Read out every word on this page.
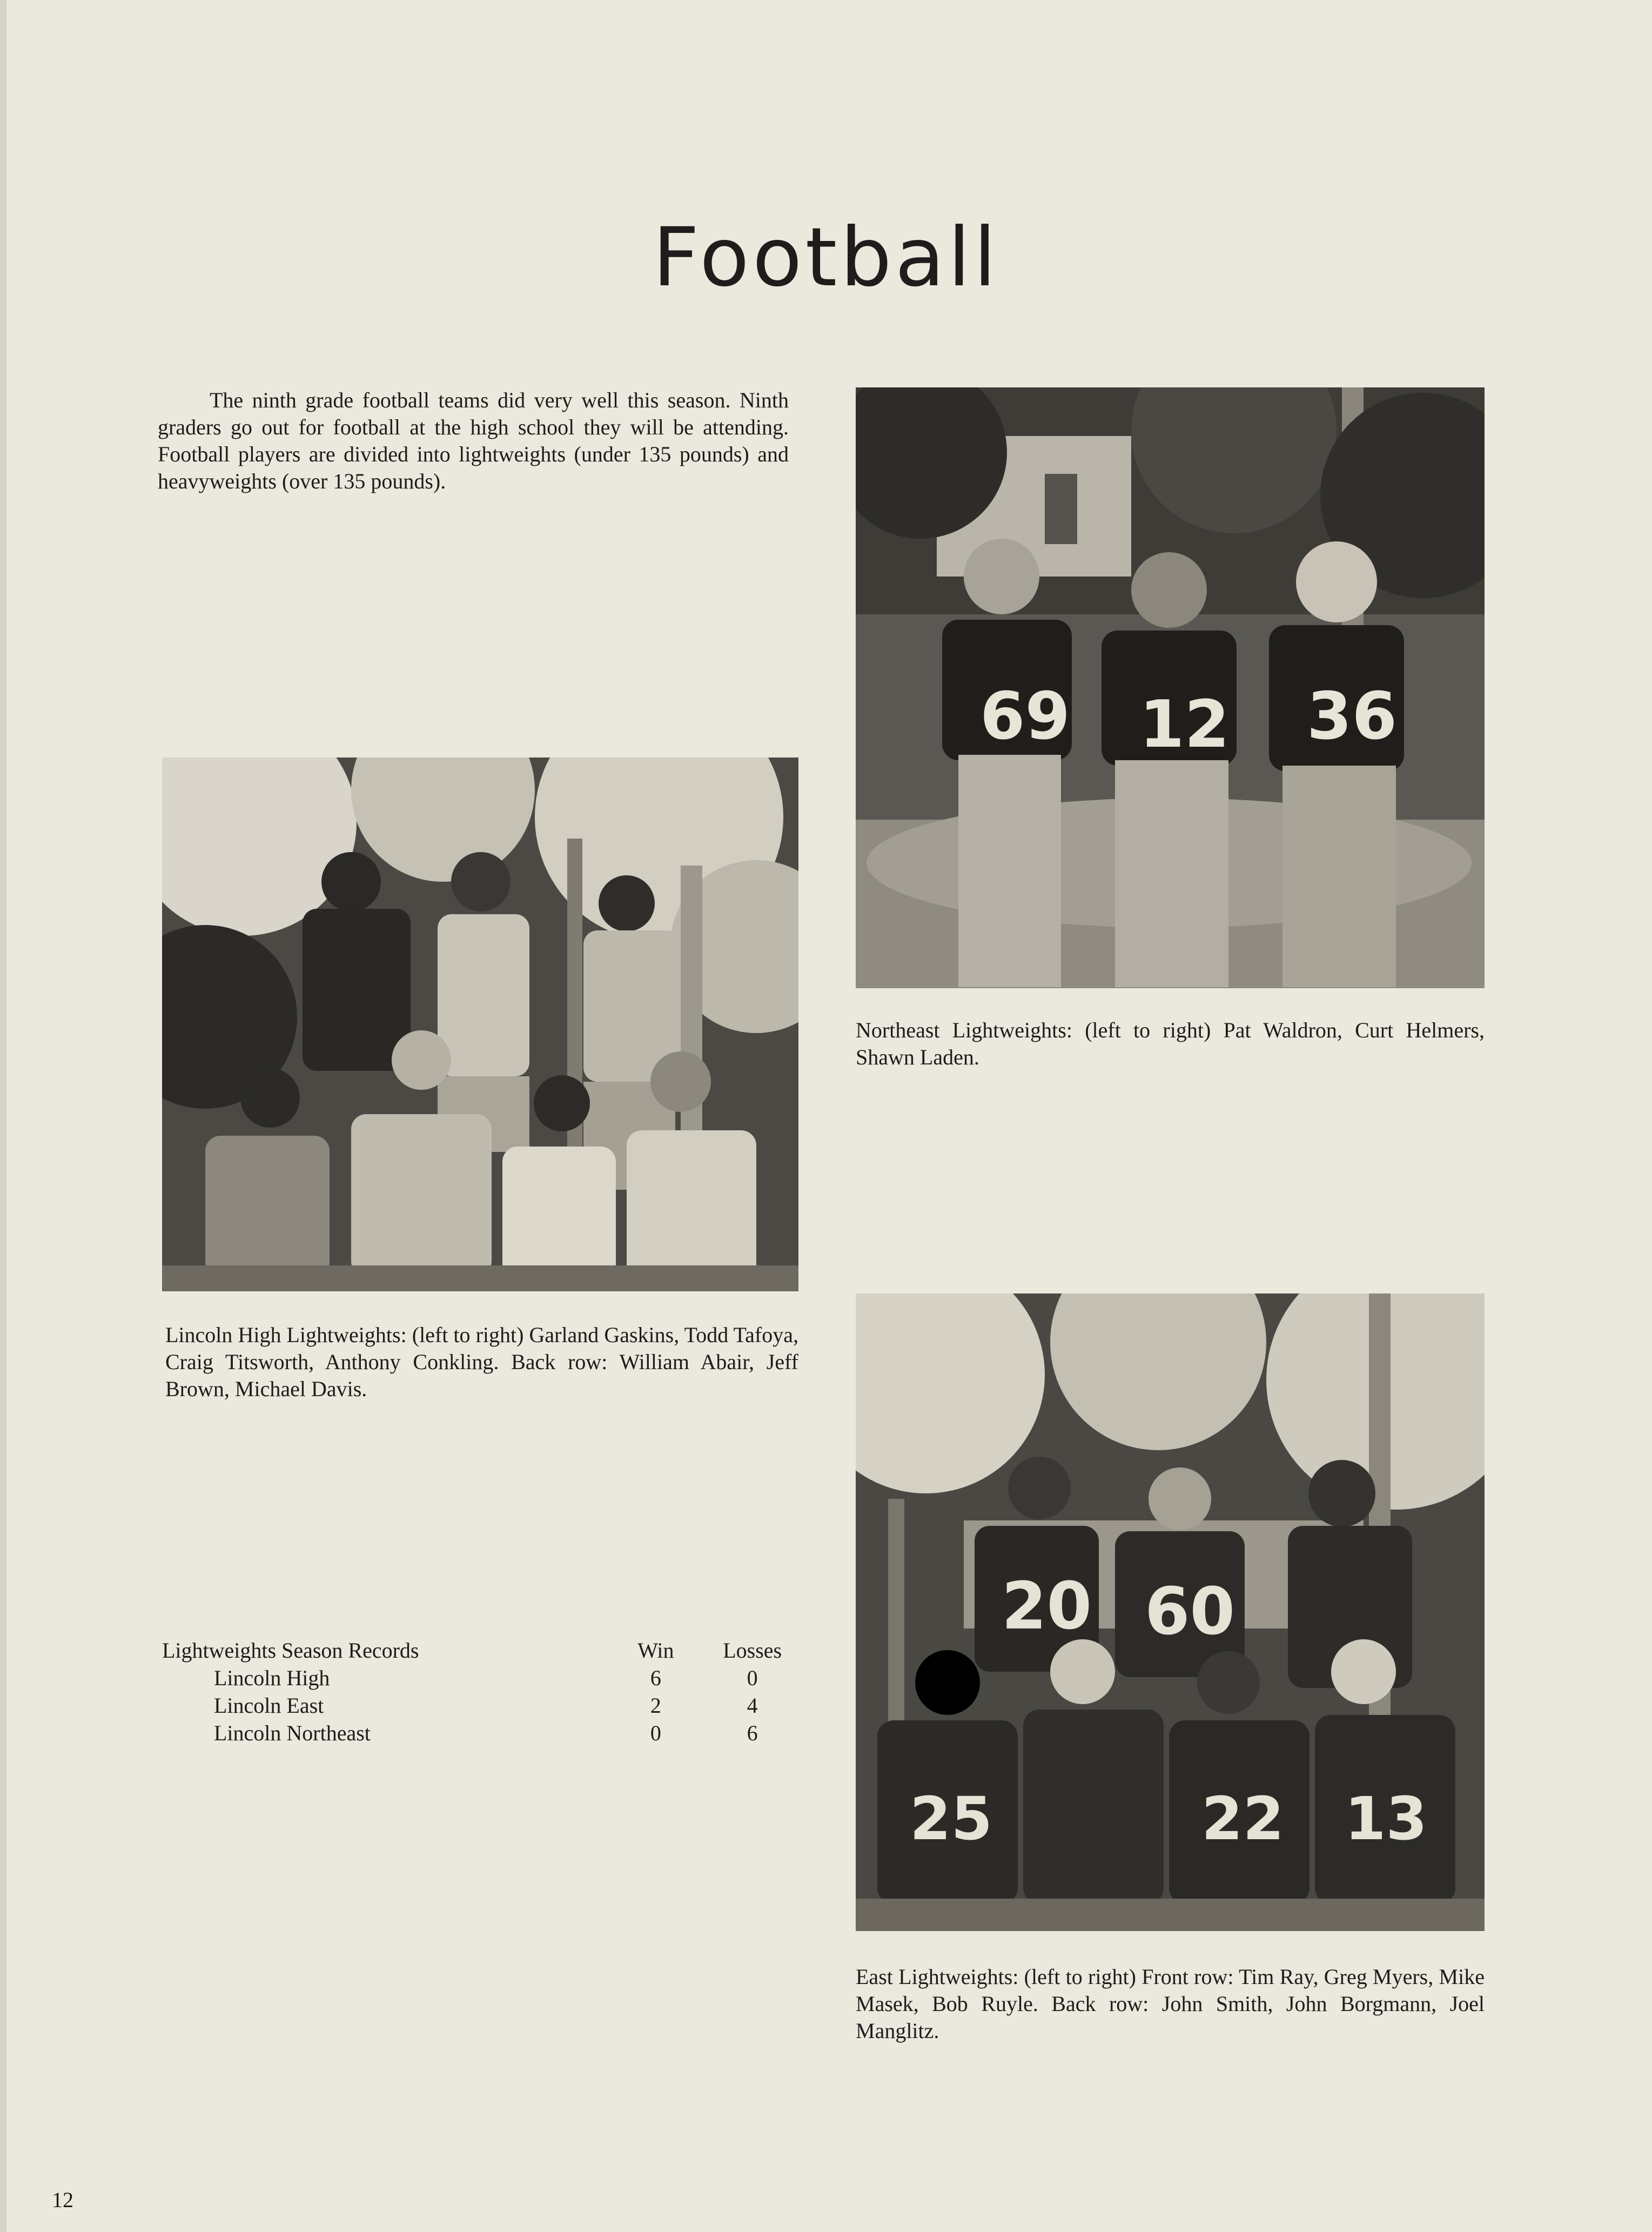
Football
The ninth grade football teams did very well this season. Ninth graders go out for football at the high school they will be attending. Football players are divided into lightweights (under 135 pounds) and heavyweights (over 135 pounds).
69 12 36
Northeast Lightweights: (left to right) Pat Waldron, Curt Helmers, Shawn Laden.
Lincoln High Lightweights: (left to right) Garland Gaskins, Todd Tafoya, Craig Titsworth, Anthony Conkling. Back row: William Abair, Jeff Brown, Michael Davis.
Lightweights Season Records	Win	Losses
Lincoln High	6	0
Lincoln East	2	4
Lincoln Northeast	0	6
20 60
25	22 13
East Lightweights: (left to right) Front row: Tim Ray, Greg Myers, Mike Masek, Bob Ruyle. Back row: John Smith, John Borgmann, Joel Manglitz.
12
